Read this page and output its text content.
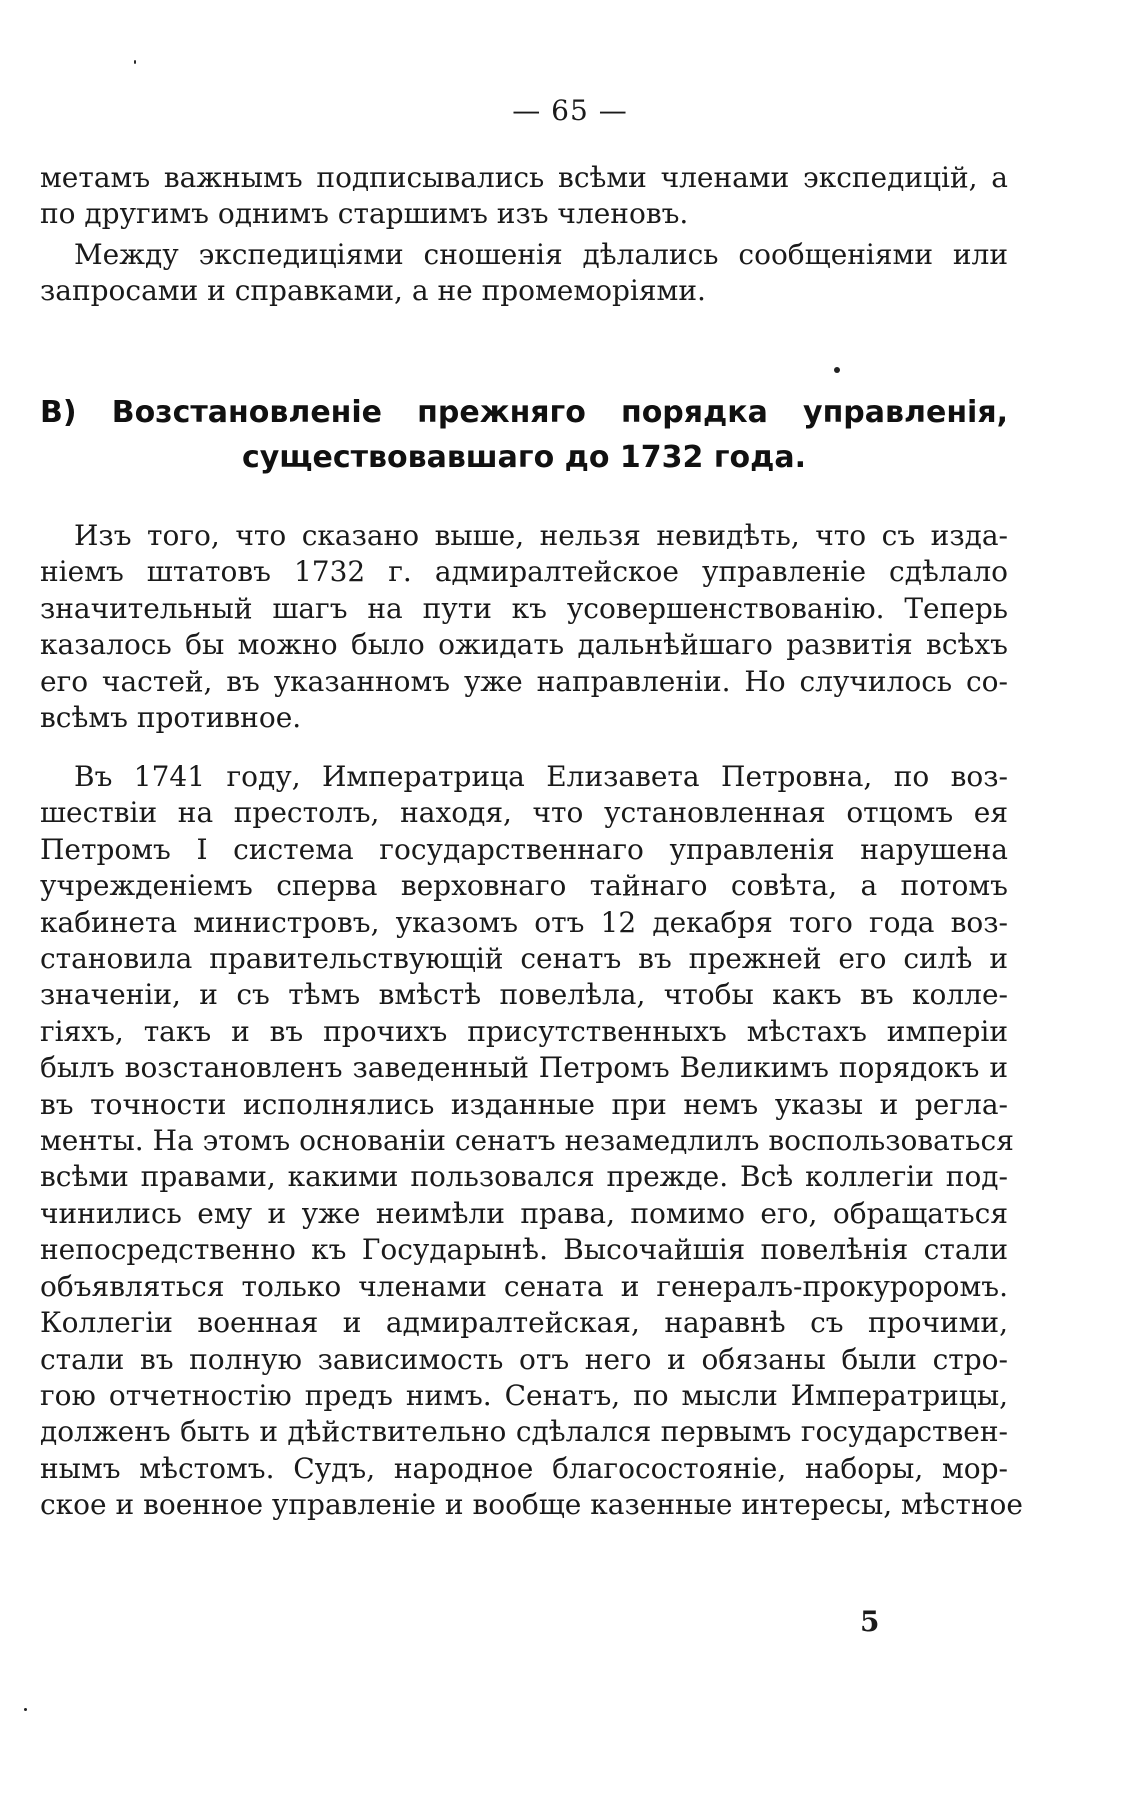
— 65 —
метамъ важнымъ подписывались всѣми членами экспедицій, а
по другимъ однимъ старшимъ изъ членовъ.
Между экспедиціями сношенія дѣлались сообщеніями или
запросами и справками, а не промеморіями.
В) Возстановленіе прежняго порядка управленія,
существовавшаго до 1732 года.
Изъ того, что сказано выше, нельзя невидѣть, что съ изда-
ніемъ штатовъ 1732 г. адмиралтейское управленіе сдѣлало
значительный шагъ на пути къ усовершенствованію. Теперь
казалось бы можно было ожидать дальнѣйшаго развитія всѣхъ
его частей, въ указанномъ уже направленіи. Но случилось со-
всѣмъ противное.
Въ 1741 году, Императрица Елизавета Петровна, по воз-
шествіи на престолъ, находя, что установленная отцомъ ея
Петромъ I система государственнаго управленія нарушена
учрежденіемъ сперва верховнаго тайнаго совѣта, а потомъ
кабинета министровъ, указомъ отъ 12 декабря того года воз-
становила правительствующій сенатъ въ прежней его силѣ и
значеніи, и съ тѣмъ вмѣстѣ повелѣла, чтобы какъ въ колле-
гіяхъ, такъ и въ прочихъ присутственныхъ мѣстахъ имперіи
былъ возстановленъ заведенный Петромъ Великимъ порядокъ и
въ точности исполнялись изданные при немъ указы и регла-
менты. На этомъ основаніи сенатъ незамедлилъ воспользоваться
всѣми правами, какими пользовался прежде. Всѣ коллегіи под-
чинились ему и уже неимѣли права, помимо его, обращаться
непосредственно къ Государынѣ. Высочайшія повелѣнія стали
объявляться только членами сената и генералъ-прокуроромъ.
Коллегіи военная и адмиралтейская, наравнѣ съ прочими,
стали въ полную зависимость отъ него и обязаны были стро-
гою отчетностію предъ нимъ. Сенатъ, по мысли Императрицы,
долженъ быть и дѣйствительно сдѣлался первымъ государствен-
нымъ мѣстомъ. Судъ, народное благосостояніе, наборы, мор-
ское и военное управленіе и вообще казенные интересы, мѣстное
5
